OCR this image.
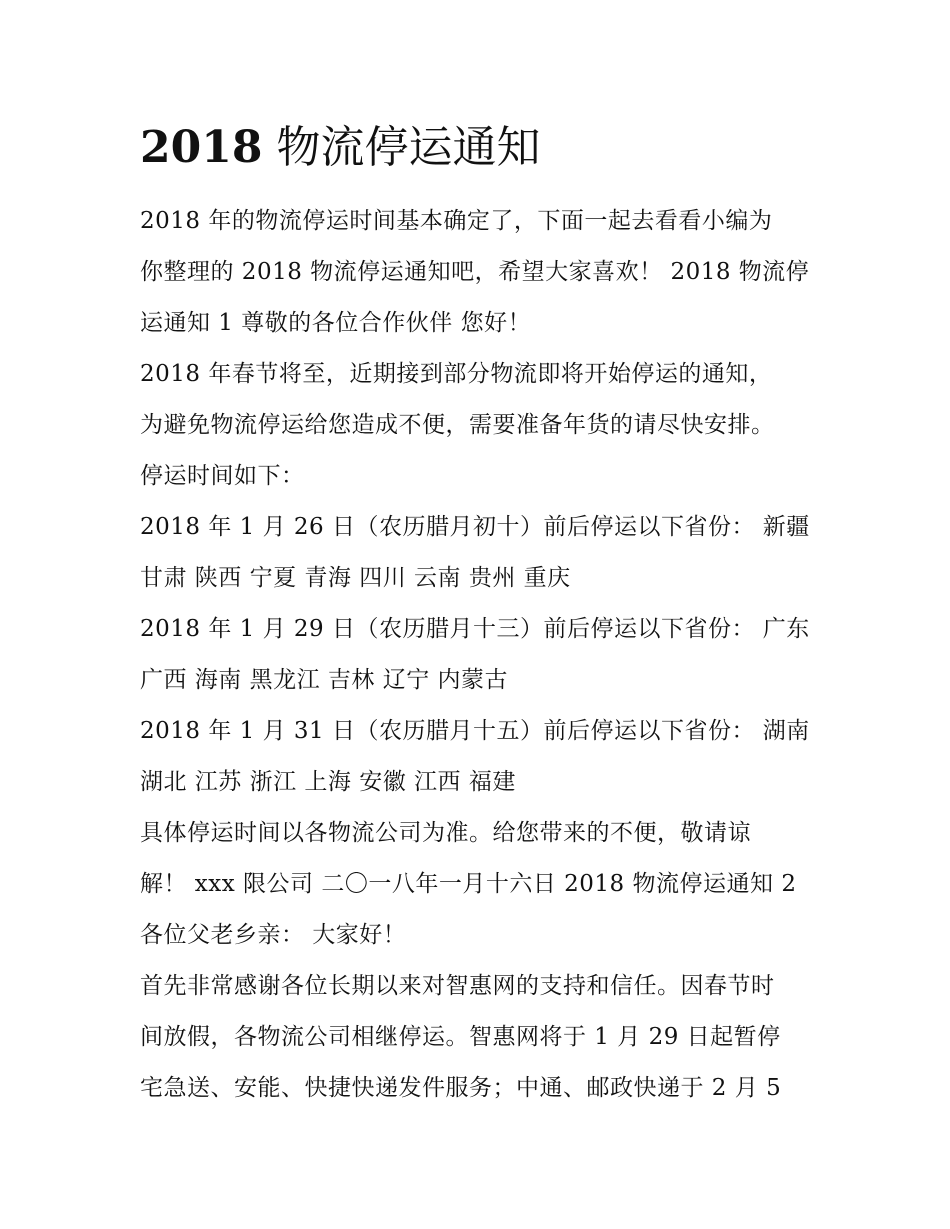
2018 物流停运通知
2018 年的物流停运时间基本确定了，下面一起去看看小编为
你整理的 2018 物流停运通知吧，希望大家喜欢！ 2018 物流停
运通知 1 尊敬的各位合作伙伴 您好！
2018 年春节将至，近期接到部分物流即将开始停运的通知，
为避免物流停运给您造成不便，需要准备年货的请尽快安排。
停运时间如下：
2018 年 1 月 26 日（农历腊月初十）前后停运以下省份： 新疆
甘肃 陕西 宁夏 青海 四川 云南 贵州 重庆
2018 年 1 月 29 日（农历腊月十三）前后停运以下省份： 广东
广西 海南 黑龙江 吉林 辽宁 内蒙古
2018 年 1 月 31 日（农历腊月十五）前后停运以下省份： 湖南
湖北 江苏 浙江 上海 安徽 江西 福建
具体停运时间以各物流公司为准。给您带来的不便，敬请谅
解！ xxx 限公司 二〇一八年一月十六日 2018 物流停运通知 2
各位父老乡亲： 大家好！
首先非常感谢各位长期以来对智惠网的支持和信任。因春节时
间放假，各物流公司相继停运。智惠网将于 1 月 29 日起暂停
宅急送、安能、快捷快递发件服务；中通、邮政快递于 2 月 5
